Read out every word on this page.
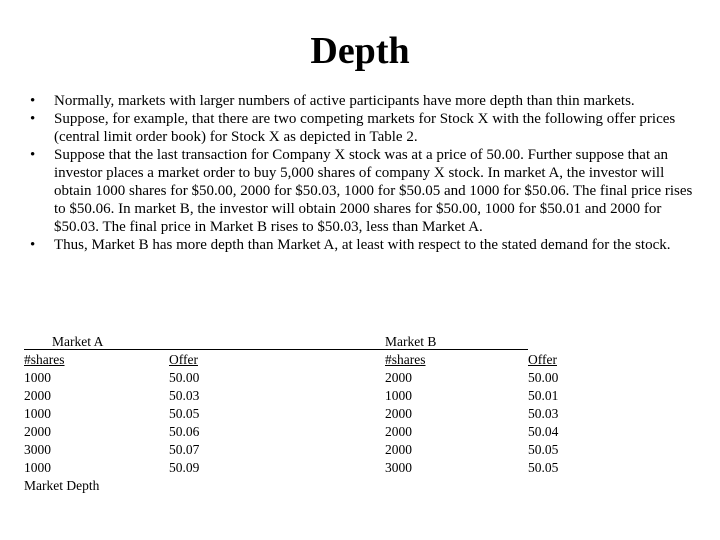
Depth

• Normally, markets with larger numbers of active participants have more depth than thin markets.

• Suppose, for example, that there are two competing markets for Stock X with the following offer prices (central limit order book) for Stock X as depicted in Table 2.

• Suppose that the last transaction for Company X stock was at a price of 50.00. Further suppose that an investor places a market order to buy 5,000 shares of company X stock. In market A, the investor will obtain 1000 shares for $50.00, 2000 for $50.03, 1000 for $50.05 and 1000 for $50.06. The final price rises to $50.06. In market B, the investor will obtain 2000 shares for $50.00, 1000 for $50.01 and 2000 for $50.03. The final price in Market B rises to $50.03, less than Market A.

• Thus, Market B has more depth than Market A, at least with respect to the stated demand for the stock.

Market A	Market B
#shares
1000
2000
1000
2000
3000
1000
Market Depth
Offer
50.00
50.03
50.05
50.06
50.07
50.09
#shares
2000
1000
2000
2000
2000
3000
Offer
50.00
50.01
50.03
50.04
50.05
50.05
